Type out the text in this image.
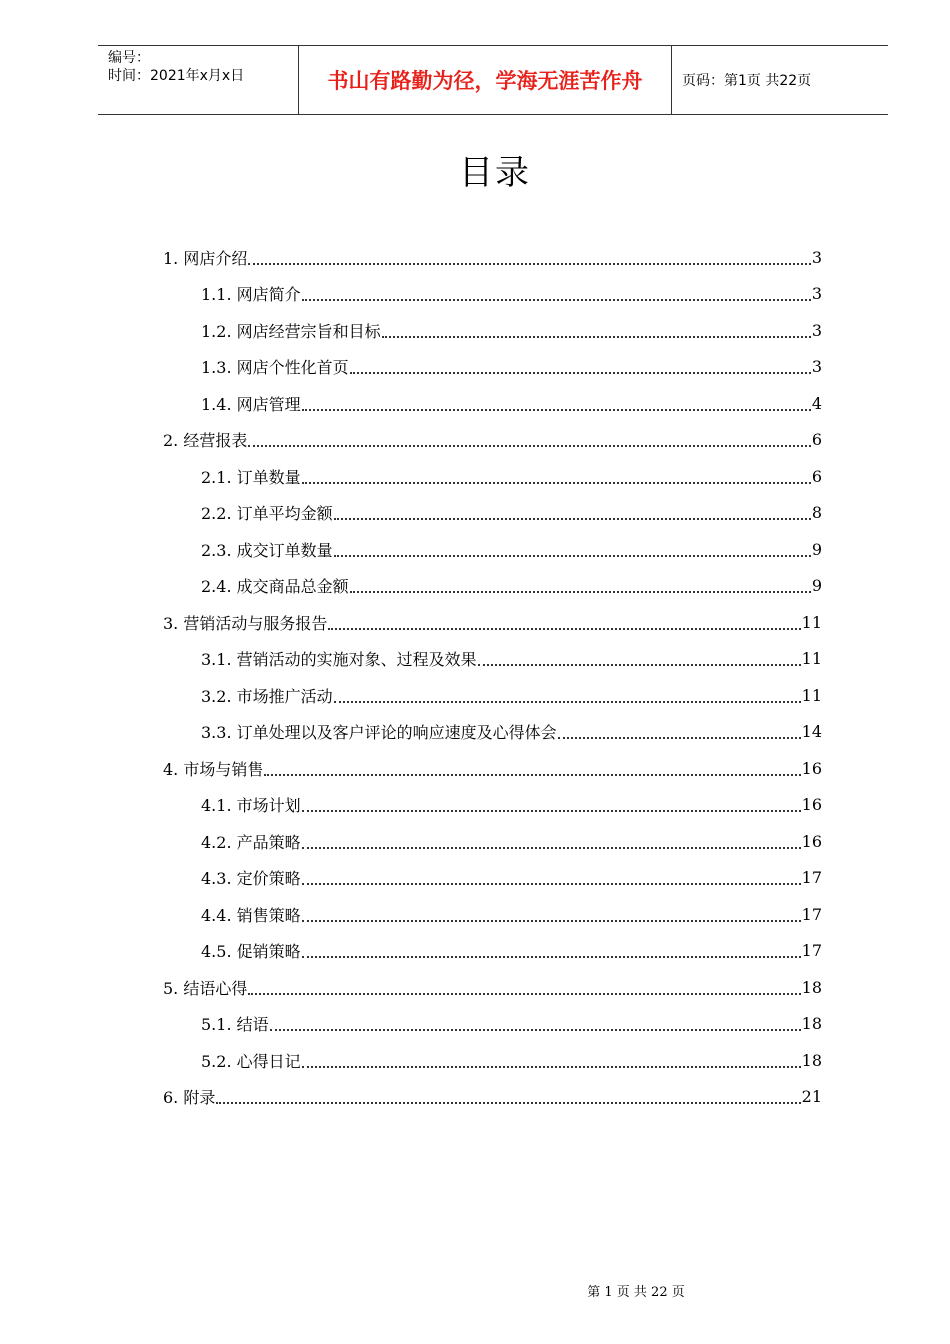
编号：
时间：2021年x月x日	书山有路勤为径，学海无涯苦作舟	页码：第1页 共22页
目录
1. 网店介绍	3
1.1. 网店简介	3
1.2. 网店经营宗旨和目标	3
1.3. 网店个性化首页	3
1.4. 网店管理	4
2. 经营报表	6
2.1. 订单数量	6
2.2. 订单平均金额	8
2.3. 成交订单数量	9
2.4. 成交商品总金额	9
3. 营销活动与服务报告	11
3.1. 营销活动的实施对象、过程及效果	11
3.2. 市场推广活动	11
3.3. 订单处理以及客户评论的响应速度及心得体会	14
4. 市场与销售	16
4.1. 市场计划	16
4.2. 产品策略	16
4.3. 定价策略	17
4.4. 销售策略	17
4.5. 促销策略	17
5. 结语心得	18
5.1. 结语	18
5.2. 心得日记	18
6. 附录	21
第 1 页 共 22 页
